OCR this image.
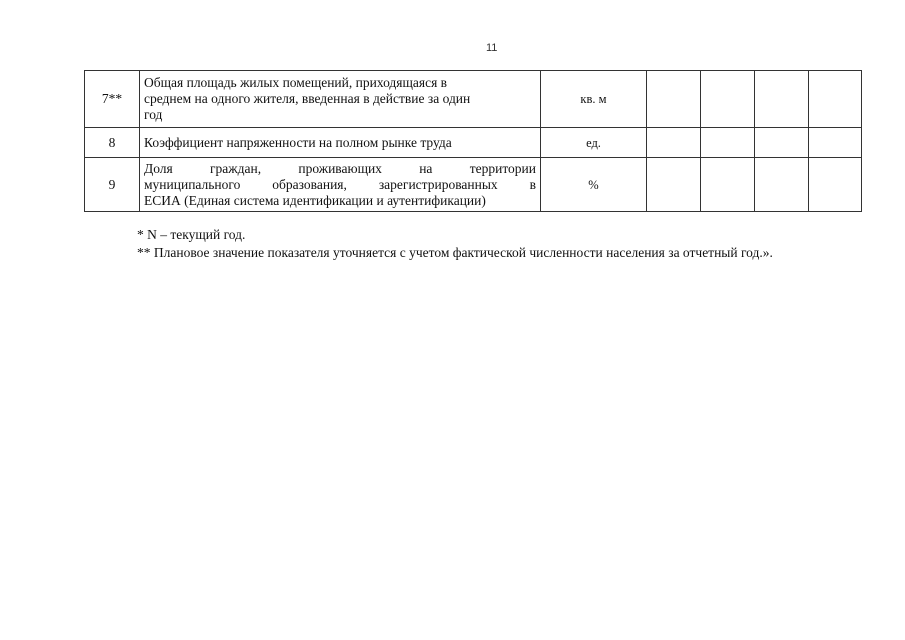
11
7**	Общая площадь жилых помещений, приходящаяся в среднем на одного жителя, введенная в действие за один год	кв. м				
8	Коэффициент напряженности на полном рынке труда	ед.				
9	Доля граждан, проживающих на территории
муниципального образования, зарегистрированных в
ЕСИА (Единая система идентификации и аутентификации)	%				
* N – текущий год.
** Плановое значение показателя уточняется с учетом фактической численности населения за отчетный год.».
